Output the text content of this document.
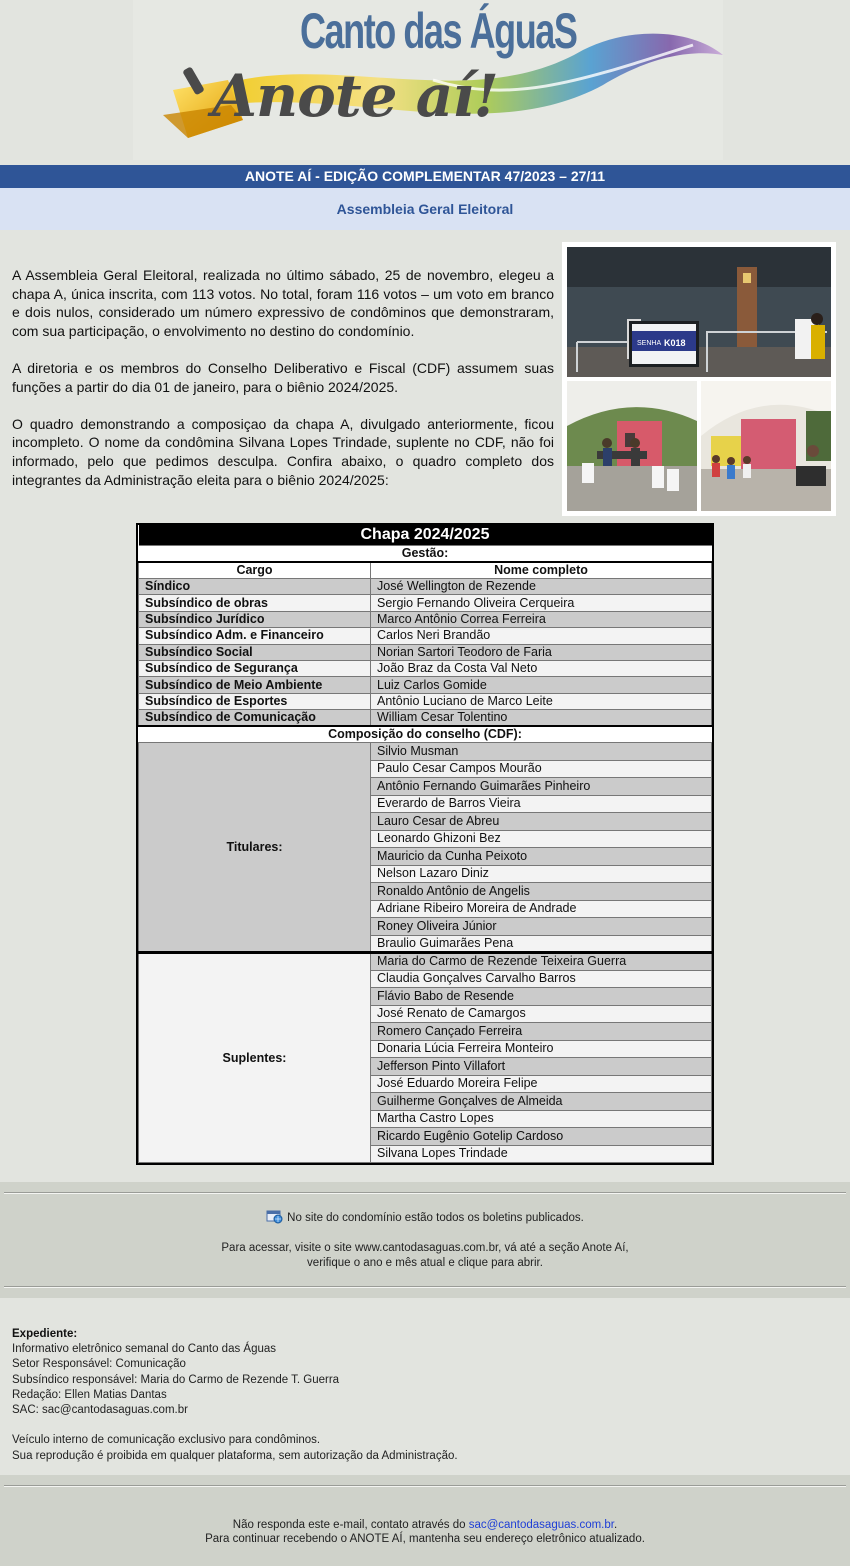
Canto das ÁguaS
Anote aí!
ANOTE AÍ - EDIÇÃO COMPLEMENTAR 47/2023 – 27/11
Assembleia Geral Eleitoral

A Assembleia Geral Eleitoral, realizada no último sábado, 25 de novembro, elegeu a chapa A, única inscrita, com 113 votos. No total, foram 116 votos – um voto em branco e dois nulos, considerado um número expressivo de condôminos que demonstraram, com sua participação, o envolvimento no destino do condomínio.

A diretoria e os membros do Conselho Deliberativo e Fiscal (CDF) assumem suas funções a partir do dia 01 de janeiro, para o biênio 2024/2025.

O quadro demonstrando a composiçao da chapa A, divulgado anteriormente, ficou incompleto. O nome da condômina Silvana Lopes Trindade, suplente no CDF, não foi informado, pelo que pedimos desculpa. Confira abaixo, o quadro completo dos integrantes da Administração eleita para o biênio 2024/2025:

SENHA K018
Chapa 2024/2025	
Gestão:	
Cargo	Nome completo
Síndico	José Wellington de Rezende
Subsíndico de obras	Sergio Fernando Oliveira Cerqueira
Subsíndico Jurídico	Marco Antônio Correa Ferreira
Subsíndico Adm. e Financeiro	Carlos Neri Brandão
Subsíndico Social	Norian Sartori Teodoro de Faria
Subsíndico de Segurança	João Braz da Costa Val Neto
Subsíndico de Meio Ambiente	Luiz Carlos Gomide
Subsíndico de Esportes	Antônio Luciano de Marco Leite
Subsíndico de Comunicação	William Cesar Tolentino
Composição do conselho (CDF):	
Titulares:	Silvio Musman
	Paulo Cesar Campos Mourão
	Antônio Fernando Guimarães Pinheiro
	Everardo de Barros Vieira
	Lauro Cesar de Abreu
	Leonardo Ghizoni Bez
	Mauricio da Cunha Peixoto
	Nelson Lazaro Diniz
	Ronaldo Antônio de Angelis
	Adriane Ribeiro Moreira de Andrade
	Roney Oliveira Júnior
	Braulio Guimarães Pena
Suplentes:	Maria do Carmo de Rezende Teixeira Guerra
	Claudia Gonçalves Carvalho Barros
	Flávio Babo de Resende
	José Renato de Camargos
	Romero Cançado Ferreira
	Donaria Lúcia Ferreira Monteiro
	Jefferson Pinto Villafort
	José Eduardo Moreira Felipe
	Guilherme Gonçalves de Almeida
	Martha Castro Lopes
	Ricardo Eugênio Gotelip Cardoso
	Silvana Lopes Trindade
No site do condomínio estão todos os boletins publicados.
Para acessar, visite o site www.cantodasaguas.com.br, vá até a seção Anote Aí,
verifique o ano e mês atual e clique para abrir.
Expediente:
Informativo eletrônico semanal do Canto das Águas
Setor Responsável: Comunicação
Subsíndico responsável: Maria do Carmo de Rezende T. Guerra
Redação: Ellen Matias Dantas
SAC: sac@cantodasaguas.com.br
Veículo interno de comunicação exclusivo para condôminos.
Sua reprodução é proibida em qualquer plataforma, sem autorização da Administração.
Não responda este e-mail, contato através do sac@cantodasaguas.com.br.
Para continuar recebendo o ANOTE AÍ, mantenha seu endereço eletrônico atualizado.
